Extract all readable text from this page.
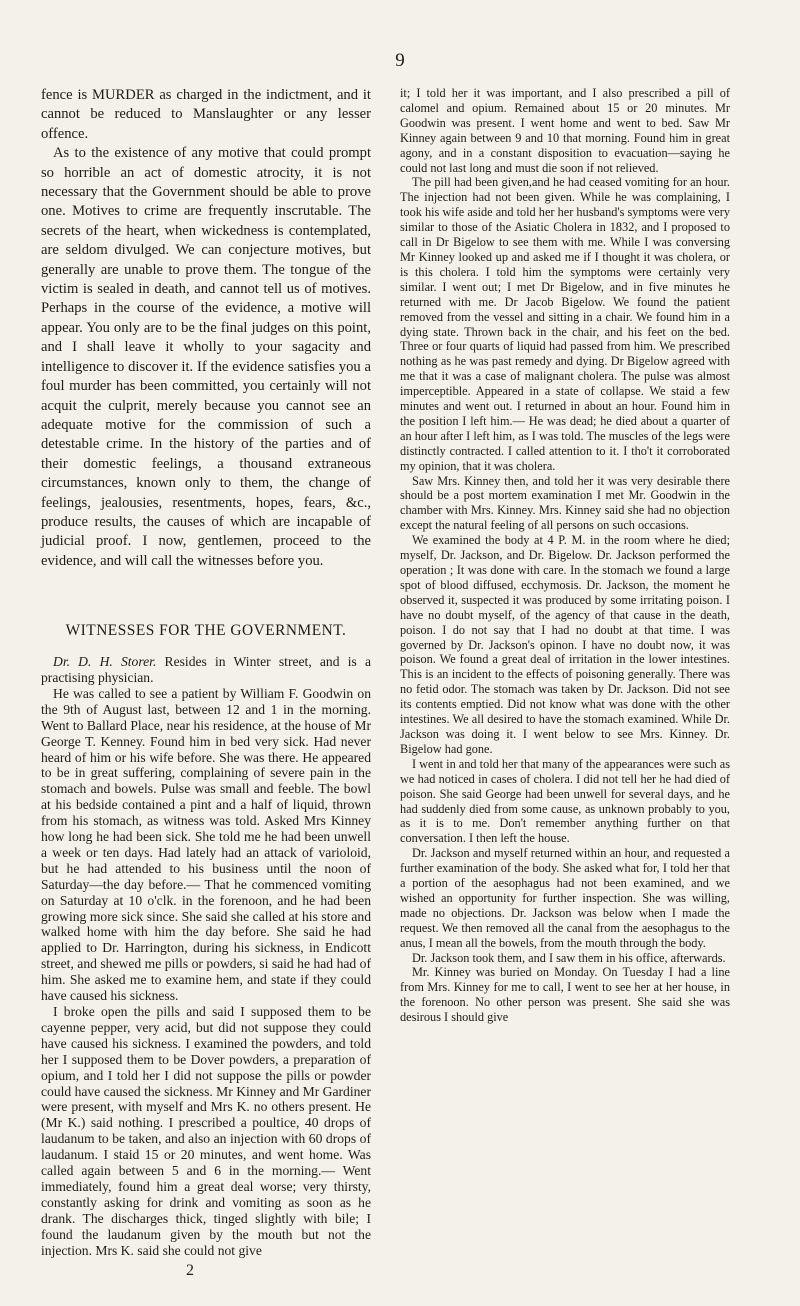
9

fence is MURDER as charged in the indictment, and it cannot be reduced to Manslaughter or any lesser offence.

As to the existence of any motive that could prompt so horrible an act of domestic atrocity, it is not necessary that the Government should be able to prove one. Motives to crime are frequently inscrutable. The secrets of the heart, when wickedness is contemplated, are seldom divulged. We can conjecture motives, but generally are unable to prove them. The tongue of the victim is sealed in death, and cannot tell us of motives. Perhaps in the course of the evidence, a motive will appear. You only are to be the final judges on this point, and I shall leave it wholly to your sagacity and intelligence to discover it. If the evidence satisfies you a foul murder has been committed, you certainly will not acquit the culprit, merely because you cannot see an adequate motive for the commission of such a detestable crime. In the history of the parties and of their domestic feelings, a thousand extraneous circumstances, known only to them, the change of feelings, jealousies, resentments, hopes, fears, &c., produce results, the causes of which are incapable of judicial proof. I now, gentlemen, proceed to the evidence, and will call the witnesses before you.

WITNESSES FOR THE GOVERNMENT.

Dr. D. H. Storer. Resides in Winter street, and is a practising physician.

He was called to see a patient by William F. Goodwin on the 9th of August last, between 12 and 1 in the morning. Went to Ballard Place, near his residence, at the house of Mr George T. Kenney. Found him in bed very sick. Had never heard of him or his wife before. She was there. He appeared to be in great suffering, complaining of severe pain in the stomach and bowels. Pulse was small and feeble. The bowl at his bedside contained a pint and a half of liquid, thrown from his stomach, as witness was told. Asked Mrs Kinney how long he had been sick. She told me he had been unwell a week or ten days. Had lately had an attack of varioloid, but he had attended to his business until the noon of Saturday—the day before.— That he commenced vomiting on Saturday at 10 o'clk. in the forenoon, and he had been growing more sick since. She said she called at his store and walked home with him the day before. She said he had applied to Dr. Harrington, during his sickness, in Endicott street, and shewed me pills or powders, si said he had had of him. She asked me to examine hem, and state if they could have caused his sickness.

I broke open the pills and said I supposed them to be cayenne pepper, very acid, but did not suppose they could have caused his sickness. I examined the powders, and told her I supposed them to be Dover powders, a preparation of opium, and I told her I did not suppose the pills or powder could have caused the sickness. Mr Kinney and Mr Gardiner were present, with myself and Mrs K. no others present. He (Mr K.) said nothing. I prescribed a poultice, 40 drops of laudanum to be taken, and also an injection with 60 drops of laudanum. I staid 15 or 20 minutes, and went home. Was called again between 5 and 6 in the morning.— Went immediately, found him a great deal worse; very thirsty, constantly asking for drink and vomiting as soon as he drank. The discharges thick, tinged slightly with bile; I found the laudanum given by the mouth but not the injection. Mrs K. said she could not give

it; I told her it was important, and I also prescribed a pill of calomel and opium. Remained about 15 or 20 minutes. Mr Goodwin was present. I went home and went to bed. Saw Mr Kinney again between 9 and 10 that morning. Found him in great agony, and in a constant disposition to evacuation—saying he could not last long and must die soon if not relieved.

The pill had been given,and he had ceased vomiting for an hour. The injection had not been given. While he was complaining, I took his wife aside and told her her husband's symptoms were very similar to those of the Asiatic Cholera in 1832, and I proposed to call in Dr Bigelow to see them with me. While I was conversing Mr Kinney looked up and asked me if I thought it was cholera, or is this cholera. I told him the symptoms were certainly very similar. I went out; I met Dr Bigelow, and in five minutes he returned with me. Dr Jacob Bigelow. We found the patient removed from the vessel and sitting in a chair. We found him in a dying state. Thrown back in the chair, and his feet on the bed. Three or four quarts of liquid had passed from him. We prescribed nothing as he was past remedy and dying. Dr Bigelow agreed with me that it was a case of malignant cholera. The pulse was almost imperceptible. Appeared in a state of collapse. We staid a few minutes and went out. I returned in about an hour. Found him in the position I left him.— He was dead; he died about a quarter of an hour after I left him, as I was told. The muscles of the legs were distinctly contracted. I called attention to it. I tho't it corroborated my opinion, that it was cholera.

Saw Mrs. Kinney then, and told her it was very desirable there should be a post mortem examination I met Mr. Goodwin in the chamber with Mrs. Kinney. Mrs. Kinney said she had no objection except the natural feeling of all persons on such occasions.

We examined the body at 4 P. M. in the room where he died; myself, Dr. Jackson, and Dr. Bigelow. Dr. Jackson performed the operation ; It was done with care. In the stomach we found a large spot of blood diffused, ecchymosis. Dr. Jackson, the moment he observed it, suspected it was produced by some irritating poison. I have no doubt myself, of the agency of that cause in the death, poison. I do not say that I had no doubt at that time. I was governed by Dr. Jackson's opinon. I have no doubt now, it was poison. We found a great deal of irritation in the lower intestines. This is an incident to the effects of poisoning generally. There was no fetid odor. The stomach was taken by Dr. Jackson. Did not see its contents emptied. Did not know what was done with the other intestines. We all desired to have the stomach examined. While Dr. Jackson was doing it. I went below to see Mrs. Kinney. Dr. Bigelow had gone.

I went in and told her that many of the appearances were such as we had noticed in cases of cholera. I did not tell her he had died of poison. She said George had been unwell for several days, and he had suddenly died from some cause, as unknown probably to you, as it is to me. Don't remember anything further on that conversation. I then left the house.

Dr. Jackson and myself returned within an hour, and requested a further examination of the body. She asked what for, I told her that a portion of the aesophagus had not been examined, and we wished an opportunity for further inspection. She was willing, made no objections. Dr. Jackson was below when I made the request. We then removed all the canal from the aesophagus to the anus, I mean all the bowels, from the mouth through the body.

Dr. Jackson took them, and I saw them in his office, afterwards.

Mr. Kinney was buried on Monday. On Tuesday I had a line from Mrs. Kinney for me to call, I went to see her at her house, in the forenoon. No other person was present. She said she was desirous I should give

2
